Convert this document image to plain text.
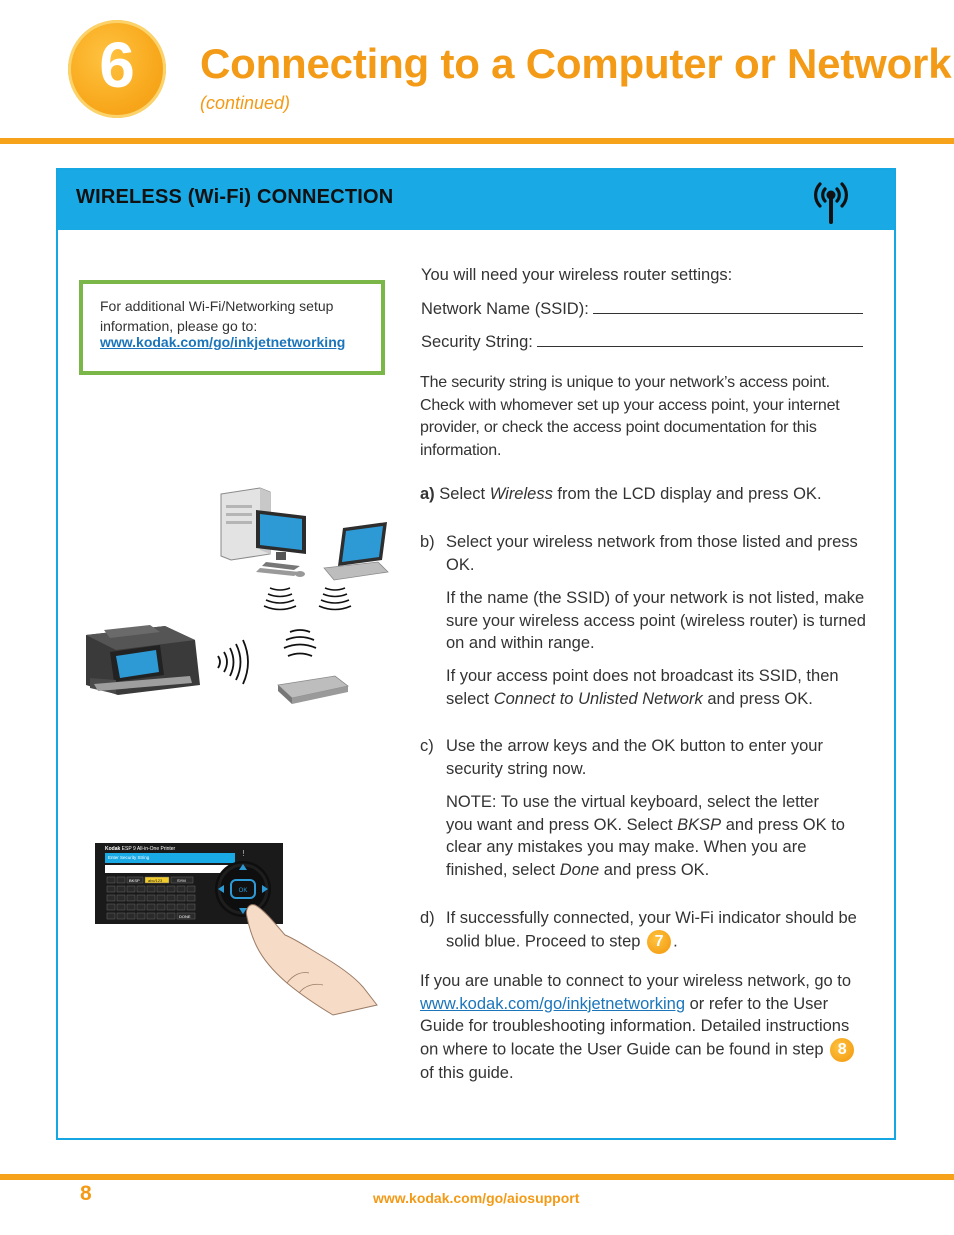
6	Connecting to a Computer or Network
(continued)
WIRELESS (Wi-Fi) CONNECTION
For additional Wi-Fi/Networking setup information, please go to:
www.kodak.com/go/inkjetnetworking
Kodak ESP 9 All-in-One Printer
Enter Security String	!
BKSP abc/123	SYM
DONE
OK
You will need your wireless router settings:
Network Name (SSID):
Security String:
The security string is unique to your network’s access point. Check with whomever set up your access point, your internet provider, or check the access point documentation for this information.
a) Select Wireless from the LCD display and press OK.
b) Select your wireless network from those listed and press OK.
If the name (the SSID) of your network is not listed, make sure your wireless access point (wireless router) is turned on and within range.
If your access point does not broadcast its SSID, then select Connect to Unlisted Network and press OK.
c) Use the arrow keys and the OK button to enter your security string now.
NOTE: To use the virtual keyboard, select the letter you want and press OK. Select BKSP and press OK to clear any mistakes you may make. When you are finished, select Done and press OK.
d) If successfully connected, your Wi-Fi indicator should be solid blue. Proceed to step 7 .
If you are unable to connect to your wireless network, go to www.kodak.com/go/inkjetnetworking or refer to the User Guide for troubleshooting information. Detailed instructions on where to locate the User Guide can be found in step 8 of this guide.
8	www.kodak.com/go/aiosupport
